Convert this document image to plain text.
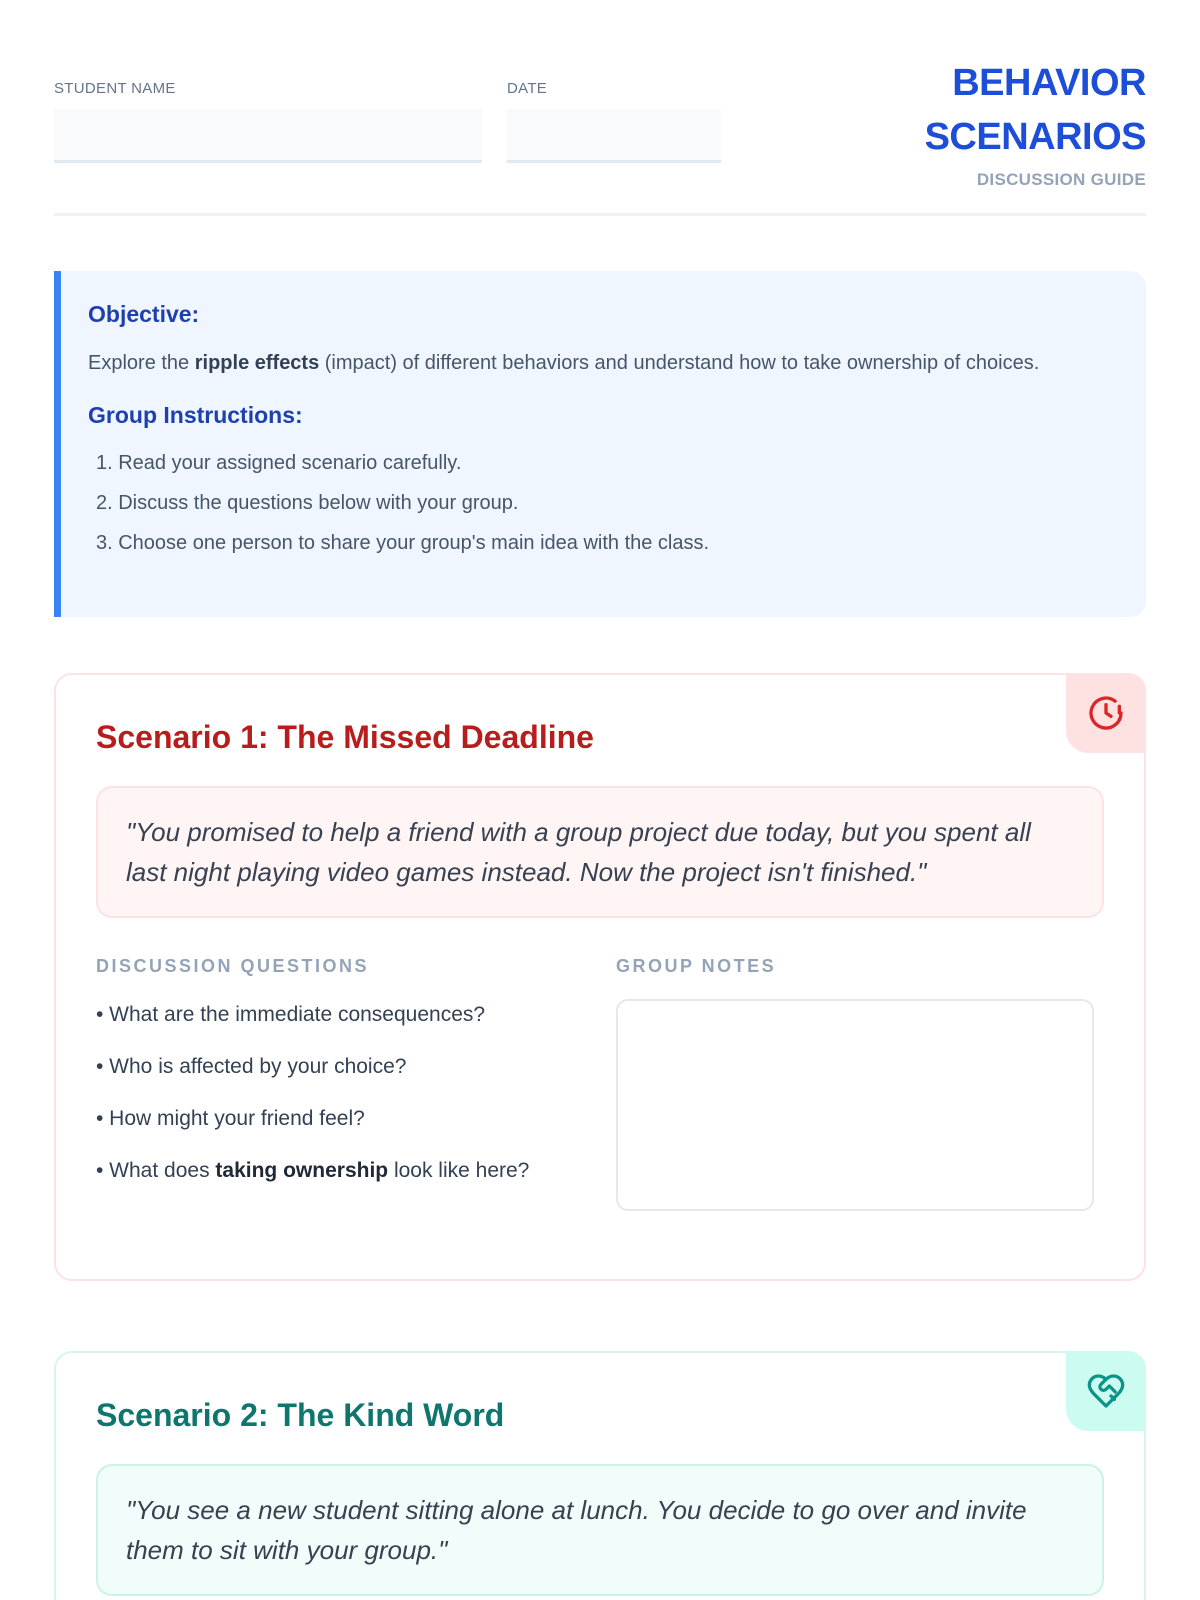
STUDENT NAME	DATE	BEHAVIOR
SCENARIOS
DISCUSSION GUIDE
Objective:

Explore the ripple effects (impact) of different behaviors and understand how to take ownership of choices.

Group Instructions:
1. Read your assigned scenario carefully.
2. Discuss the questions below with your group.
3. Choose one person to share your group's main idea with the class.
Scenario 1: The Missed Deadline
"You promised to help a friend with a group project due today, but you spent all last night playing video games instead. Now the project isn't finished."
DISCUSSION QUESTIONS
• What are the immediate consequences?
• Who is affected by your choice?
• How might your friend feel?
• What does taking ownership look like here?
GROUP NOTES
Scenario 2: The Kind Word
"You see a new student sitting alone at lunch. You decide to go over and invite them to sit with your group."
